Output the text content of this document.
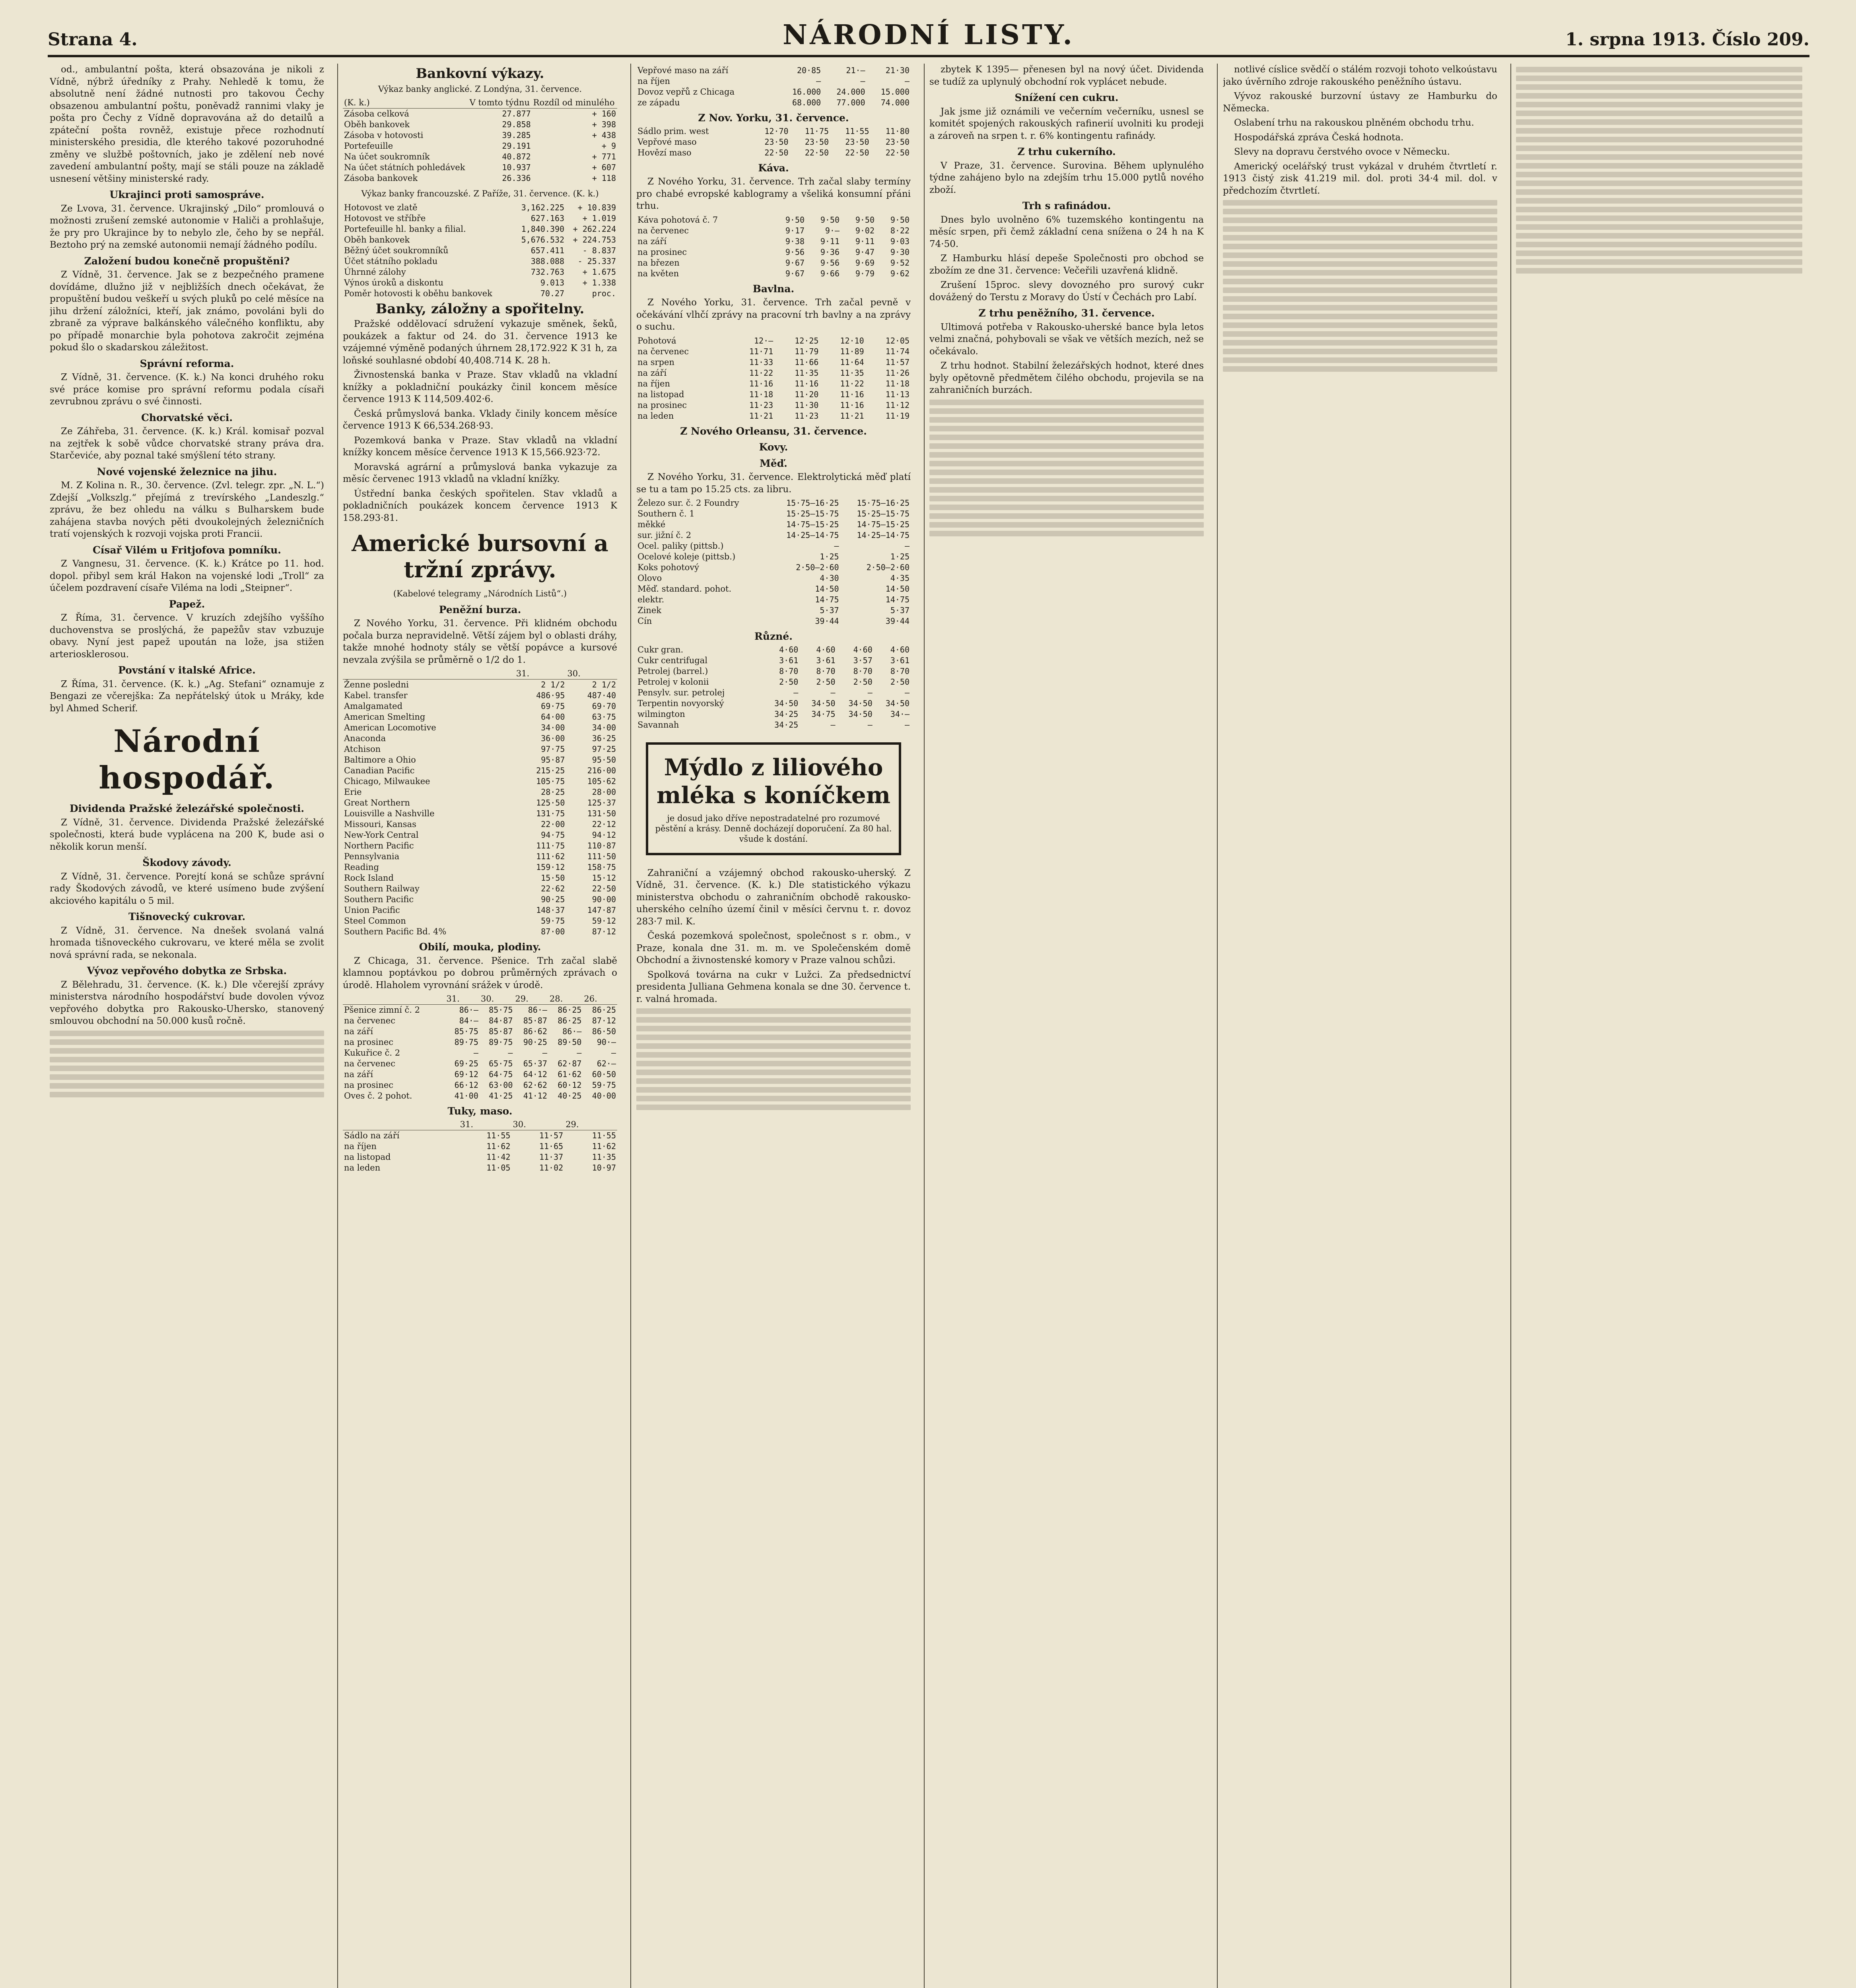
Strana 4.	NÁRODNÍ LISTY.	1. srpna 1913. Číslo 209.

od., ambulantní pošta, která obsazována je nikoli z Vídně, nýbrž úředníky z Prahy. Nehledě k tomu, že absolutně není žádné nutnosti pro takovou Čechy obsazenou ambulantní poštu, poněvadž rannimi vlaky je pošta pro Čechy z Vídně dopravována až do detailů a zpáteční pošta rovněž, existuje přece rozhodnutí ministerského presidia, dle kterého takové pozoruhodné změny ve službě poštovních, jako je zdělení neb nové zavedení ambulantní pošty, mají se stáli pouze na základě usnesení většiny ministerské rady.

Ukrajinci proti samospráve.

Ze Lvova, 31. července. Ukrajinský „Dilo“ promlouvá o možnosti zrušení zemské autonomie v Haliči a prohlašuje, že pry pro Ukrajince by to nebylo zle, čeho by se nepřál. Beztoho prý na zemské autonomii nemají žádného podílu.

Založení budou konečně propuštěni?

Z Vídně, 31. července. Jak se z bezpečného pramene dovídáme, dlužno již v nejbližších dnech očekávat, že propuštění budou veškeří u svých pluků po celé měsíce na jihu držení záložníci, kteří, jak známo, povoláni byli do zbraně za výprave balkánského válečného konfliktu, aby po případě monarchie byla pohotova zakročit zejména pokud šlo o skadarskou záležitost.

Správní reforma.

Z Vídně, 31. července. (K. k.) Na konci druhého roku své práce komise pro správní reformu podala císaři zevrubnou zprávu o své činnosti.

Chorvatské věci.

Ze Záhřeba, 31. července. (K. k.) Král. komisař pozval na zejtřek k sobě vůdce chorvatské strany práva dra. Starčeviće, aby poznal také smýšlení této strany.

Nové vojenské železnice na jihu.

M. Z Kolina n. R., 30. července. (Zvl. telegr. zpr. „N. L.“) Zdejší „Volkszlg.“ přejímá z trevírského „Landeszlg.“ zprávu, že bez ohledu na válku s Bulharskem bude zahájena stavba nových pěti dvoukolejných železničních tratí vojenských k rozvoji vojska proti Francii.

Císař Vilém u Fritjofova pomníku.

Z Vangnesu, 31. července. (K. k.) Krátce po 11. hod. dopol. přibyl sem král Hakon na vojenské lodi „Troll“ za účelem pozdravení císaře Viléma na lodi „Steipner“.

Papež.

Z Říma, 31. července. V kruzích zdejšího vyššího duchovenstva se proslýchá, že papežův stav vzbuzuje obavy. Nyní jest papež upoután na lože, jsa stižen arteriosklerosou.

Povstání v italské Africe.

Z Říma, 31. července. (K. k.) „Ag. Stefani“ oznamuje z Bengazi ze včerejška: Za nepřátelský útok u Mráky, kde byl Ahmed Scherif.

Národní hospodář.
Dividenda Pražské železářské společnosti.

Z Vídně, 31. července. Dividenda Pražské železářské společnosti, která bude vyplácena na 200 K, bude asi o několik korun menší.

Škodovy závody.

Z Vídně, 31. července. Porejtí koná se schůze správní rady Škodových závodů, ve které usímeno bude zvýšení akciového kapitálu o 5 mil.

Tišnovecký cukrovar.

Z Vídně, 31. července. Na dnešek svolaná valná hromada tišnoveckého cukrovaru, ve které měla se zvolit nová správní rada, se nekonala.

Vývoz vepřového dobytka ze Srbska.

Z Bělehradu, 31. července. (K. k.) Dle včerejší zprávy ministerstva národního hospodářství bude dovolen vývoz vepřového dobytka pro Rakousko-Uhersko, stanovený smlouvou obchodní na 50.000 kusů ročně.

Bankovní výkazy.
Výkaz banky anglické. Z Londýna, 31. července.
(K. k.)	V tomto týdnu	Rozdíl od minulého
Zásoba celková	27.877	+ 160
Oběh bankovek	29.858	+ 398
Zásoba v hotovosti	39.285	+ 438
Portefeuille	29.191	+ 9
Na účet soukromník	40.872	+ 771
Na účet státních pohledávek	10.937	+ 607
Zásoba bankovek	26.336	+ 118
Výkaz banky francouzské. Z Paříže, 31. července. (K. k.)
Hotovost ve zlatě	3,162.225	+ 10.839
Hotovost ve stříbře	627.163	+ 1.019
Portefeuille hl. banky a filial.	1,840.390	+ 262.224
Oběh bankovek	5,676.532	+ 224.753
Běžný účet soukromníků	657.411	- 8.837
Účet státního pokladu	388.088	- 25.337
Úhrnné zálohy	732.763	+ 1.675
Výnos úroků a diskontu	9.013	+ 1.338
Poměr hotovosti k oběhu bankovek	70.27	proc.
Banky, záložny a spořitelny.

Pražské oddělovací sdružení vykazuje směnek, šeků, poukázek a faktur od 24. do 31. července 1913 ke vzájemné výměně podaných úhrnem 28,172.922 K 31 h, za loňské souhlasné období 40,408.714 K. 28 h.

Živnostenská banka v Praze. Stav vkladů na vkladní knížky a pokladniční poukázky činil koncem měsíce července 1913 K 114,509.402·6.

Česká průmyslová banka. Vklady činily koncem měsíce července 1913 K 66,534.268·93.

Pozemková banka v Praze. Stav vkladů na vkladní knížky koncem měsíce července 1913 K 15,566.923·72.

Moravská agrární a průmyslová banka vykazuje za měsíc červenec 1913 vkladů na vkladní knížky.

Ústřední banka českých spořitelen. Stav vkladů a pokladničních poukázek koncem července 1913 K 158.293·81.

Americké bursovní a tržní zprávy.
(Kabelové telegramy „Národních Listů“.)
Peněžní burza.

Z Nového Yorku, 31. července. Při klidném obchodu počala burza nepravidelně. Větší zájem byl o oblasti dráhy, takže mnohé hodnoty stály se větší popávce a kursové nevzala zvýšila se průměrně o 1/2 do 1.

	31.	30.
Ženne posledni	2 1/2	2 1/2
Kabel. transfer	486·95	487·40
Amalgamated	69·75	69·70
American Smelting	64·00	63·75
American Locomotive	34·00	34·00
Anaconda	36·00	36·25
Atchison	97·75	97·25
Baltimore a Ohio	95·87	95·50
Canadian Pacific	215·25	216·00
Chicago, Milwaukee	105·75	105·62
Erie	28·25	28·00
Great Northern	125·50	125·37
Louisville a Nashville	131·75	131·50
Missouri, Kansas	22·00	22·12
New-York Central	94·75	94·12
Northern Pacific	111·75	110·87
Pennsylvania	111·62	111·50
Reading	159·12	158·75
Rock Island	15·50	15·12
Southern Railway	22·62	22·50
Southern Pacific	90·25	90·00
Union Pacific	148·37	147·87
Steel Common	59·75	59·12
Southern Pacific Bd. 4%	87·00	87·12
Obilí, mouka, plodiny.

Z Chicaga, 31. července. Pšenice. Trh začal slabě klamnou poptávkou po dobrou průměrných zprávach o úrodě. Hlaholem vyrovnání srážek v úrodě.

	31.	30.	29.	28.	26.
Pšenice zimní č. 2	86·—	85·75	86·—	86·25	86·25
na červenec	84·—	84·87	85·87	86·25	87·12
na září	85·75	85·87	86·62	86·—	86·50
na prosinec	89·75	89·75	90·25	89·50	90·—
Kukuřice č. 2	—	—	—	—	—
na červenec	69·25	65·75	65·37	62·87	62·—
na září	69·12	64·75	64·12	61·62	60·50
na prosinec	66·12	63·00	62·62	60·12	59·75
Oves č. 2 pohot.	41·00	41·25	41·12	40·25	40·00
Tuky, maso.
	31.	30.	29.
Sádlo na září	11·55	11·57	11·55
na říjen	11·62	11·65	11·62
na listopad	11·42	11·37	11·35
na leden	11·05	11·02	10·97
Vepřové maso na září	20·85	21·—	21·30
na říjen	—	—	—
Dovoz vepřů z Chicaga	16.000	24.000	15.000
ze západu	68.000	77.000	74.000
Z Nov. Yorku, 31. července.
Sádlo prim. west	12·70	11·75	11·55	11·80
Vepřové maso	23·50	23·50	23·50	23·50
Hovězí maso	22·50	22·50	22·50	22·50
Káva.

Z Nového Yorku, 31. července. Trh začal slaby termíny pro chabé evropské kablogramy a všeliká konsumní přáni trhu.

Káva pohotová č. 7	9·50	9·50	9·50	9·50
na červenec	9·17	9·—	9·02	8·22
na září	9·38	9·11	9·11	9·03
na prosinec	9·56	9·36	9·47	9·30
na březen	9·67	9·56	9·69	9·52
na květen	9·67	9·66	9·79	9·62
Bavlna.

Z Nového Yorku, 31. července. Trh začal pevně v očekávání vlhčí zprávy na pracovní trh bavlny a na zprávy o suchu.

Pohotová	12·—	12·25	12·10	12·05
na červenec	11·71	11·79	11·89	11·74
na srpen	11·33	11·66	11·64	11·57
na září	11·22	11·35	11·35	11·26
na říjen	11·16	11·16	11·22	11·18
na listopad	11·18	11·20	11·16	11·13
na prosinec	11·23	11·30	11·16	11·12
na leden	11·21	11·23	11·21	11·19
Z Nového Orleansu, 31. července.
Kovy.
Měď.

Z Nového Yorku, 31. července. Elektrolytická měď platí se tu a tam po 15.25 cts. za libru.

Železo sur. č. 2 Foundry	15·75—16·25	15·75—16·25
Southern č. 1	15·25—15·75	15·25—15·75
měkké	14·75—15·25	14·75—15·25
sur. jižní č. 2	14·25—14·75	14·25—14·75
Ocel. paliky (pittsb.)	—	—
Ocelové koleje (pittsb.)	1·25	1·25
Koks pohotový	2·50—2·60	2·50—2·60
Olovo	4·30	4·35
Měď. standard. pohot.	14·50	14·50
elektr.	14·75	14·75
Zinek	5·37	5·37
Cín	39·44	39·44
Různé.
Cukr gran.	4·60	4·60	4·60	4·60
Cukr centrifugal	3·61	3·61	3·57	3·61
Petrolej (barrel.)	8·70	8·70	8·70	8·70
Petrolej v kolonii	2·50	2·50	2·50	2·50
Pensylv. sur. petrolej	—	—	—	—
Terpentin novyorský	34·50	34·50	34·50	34·50
wilmington	34·25	34·75	34·50	34·—
Savannah	34·25	—	—	—
Mýdlo z liliového mléka s koníčkem
je dosud jako dříve nepostradatelné pro rozumové pěstění a krásy. Denně docházejí doporučení. Za 80 hal. všude k dostání.

Zahraniční a vzájemný obchod rakousko-uherský. Z Vídně, 31. července. (K. k.) Dle statistického výkazu ministerstva obchodu o zahraničním obchodě rakousko-uherského celního území činil v měsíci červnu t. r. dovoz 283·7 mil. K.

Česká pozemková společnost, společnost s r. obm., v Praze, konala dne 31. m. m. ve Společenském domě Obchodní a živnostenské komory v Praze valnou schůzi.

Spolková továrna na cukr v Lužci. Za předsednictví presidenta Julliana Gehmena konala se dne 30. července t. r. valná hromada.

zbytek K 1395— přenesen byl na nový účet. Dividenda se tudíž za uplynulý obchodní rok vyplácet nebude.

Snížení cen cukru.

Jak jsme již oznámili ve večerním večerníku, usnesl se komitét spojených rakouských rafinerií uvolniti ku prodeji a zároveň na srpen t. r. 6% kontingentu rafinády.

Z trhu cukerního.

V Praze, 31. července. Surovina. Během uplynulého týdne zahájeno bylo na zdejším trhu 15.000 pytlů nového zboží.

Trh s rafinádou.

Dnes bylo uvolněno 6% tuzemského kontingentu na měsíc srpen, při čemž základní cena snížena o 24 h na K 74·50.

Z Hamburku hlásí depeše Společnosti pro obchod se zbožím ze dne 31. července: Večeřili uzavřená klidně.

Zrušení 15proc. slevy dovozného pro surový cukr dovážený do Terstu z Moravy do Ústí v Čechách pro Labí.

Z trhu peněžního, 31. července.

Ultimová potřeba v Rakousko-uherské bance byla letos velmi značná, pohybovali se však ve větších mezích, než se očekávalo.

Z trhu hodnot. Stabilní železářských hodnot, které dnes byly opětovně předmětem čilého obchodu, projevila se na zahraničních burzách.

notlivé císlice svědčí o stálém rozvoji tohoto velkoústavu jako úvěrního zdroje rakouského peněžního ústavu.

Vývoz rakouské burzovní ústavy ze Hamburku do Německa.

Oslabení trhu na rakouskou plněném obchodu trhu.

Hospodářská zpráva Česká hodnota.

Slevy na dopravu čerstvého ovoce v Německu.

Americký ocelářský trust vykázal v druhém čtvrtletí r. 1913 čistý zisk 41.219 mil. dol. proti 34·4 mil. dol. v předchozím čtvrtletí.
